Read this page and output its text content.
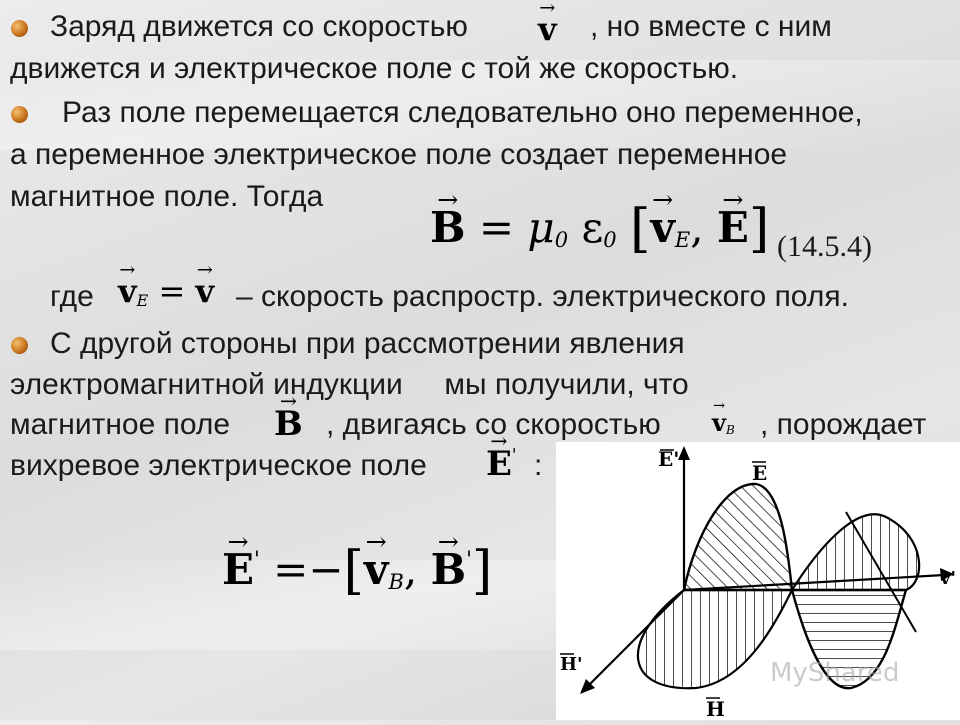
Заряд движется со скоростью → v , но вместе с ним
движется и электрическое поле с той же скоростью.
Раз поле перемещается следовательно оно переменное,
а переменное электрическое поле создает переменное
магнитное поле. Тогда
→ $B = \mu_0$ $\varepsilon_0$ [→ $v_E$, → E] (14.5.4)
где → $v_E$ = → v – скорость распростр. электрического поля.
С другой стороны при рассмотрении явления
электромагнитной индукции     мы получили, что
магнитное поле → B , двигаясь со скоростью → $v_B$ , порождает
вихревое электрическое поле → E' :
→ E' =−[→ $v_B$, → B']
E'
E
v'
H'
H
MyShared
